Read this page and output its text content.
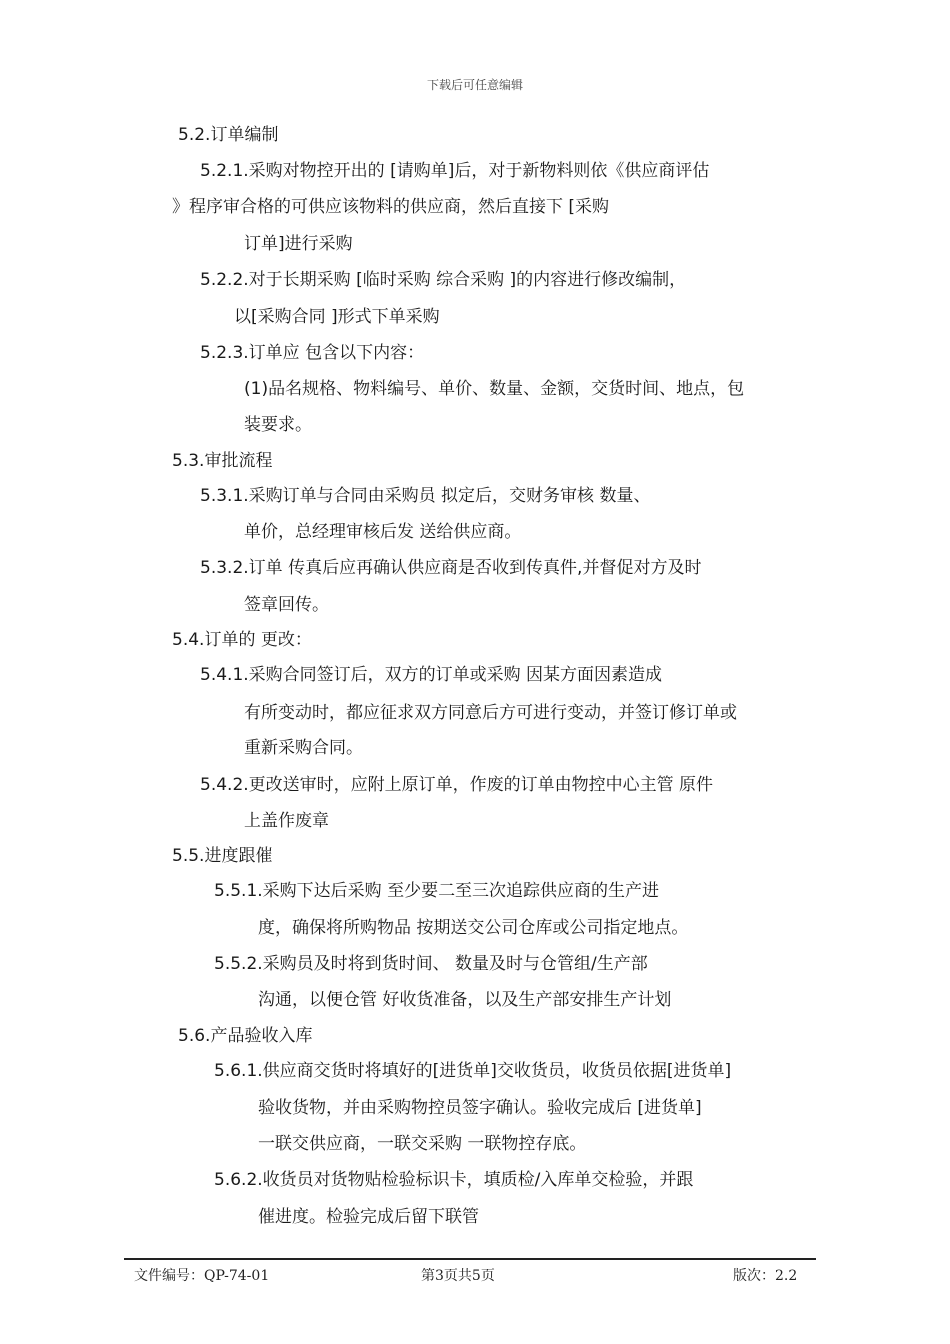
下载后可任意编辑
5.2.订单编制
5.2.1.采购对物控开出的 [请购单]后，对于新物料则依《供应商评估
》程序审合格的可供应该物料的供应商，然后直接下 [采购
订单]进行采购
5.2.2.对于长期采购 [临时采购 综合采购 ]的内容进行修改编制，
以[采购合同 ]形式下单采购
5.2.3.订单应 包含以下内容：
(1)品名规格、物料编号、单价、数量、金额，交货时间、地点，包
装要求。
5.3.审批流程
5.3.1.采购订单与合同由采购员 拟定后，交财务审核 数量、
单价，总经理审核后发 送给供应商。
5.3.2.订单 传真后应再确认供应商是否收到传真件,并督促对方及时
签章回传。
5.4.订单的 更改：
5.4.1.采购合同签订后，双方的订单或采购 因某方面因素造成
有所变动时，都应征求双方同意后方可进行变动，并签订修订单或
重新采购合同。
5.4.2.更改送审时，应附上原订单，作废的订单由物控中心主管 原件
上盖作废章
5.5.进度跟催
5.5.1.采购下达后采购 至少要二至三次追踪供应商的生产进
度，确保将所购物品 按期送交公司仓库或公司指定地点。
5.5.2.采购员及时将到货时间、 数量及时与仓管组/生产部
沟通，以便仓管 好收货准备，以及生产部安排生产计划
5.6.产品验收入库
5.6.1.供应商交货时将填好的[进货单]交收货员，收货员依据[进货单]
验收货物，并由采购物控员签字确认。验收完成后 [进货单]
一联交供应商，一联交采购 一联物控存底。
5.6.2.收货员对货物贴检验标识卡，填质检/入库单交检验，并跟
催进度。检验完成后留下联管
文件编号：QP-74-01	第3页共5页	版次：2.2
